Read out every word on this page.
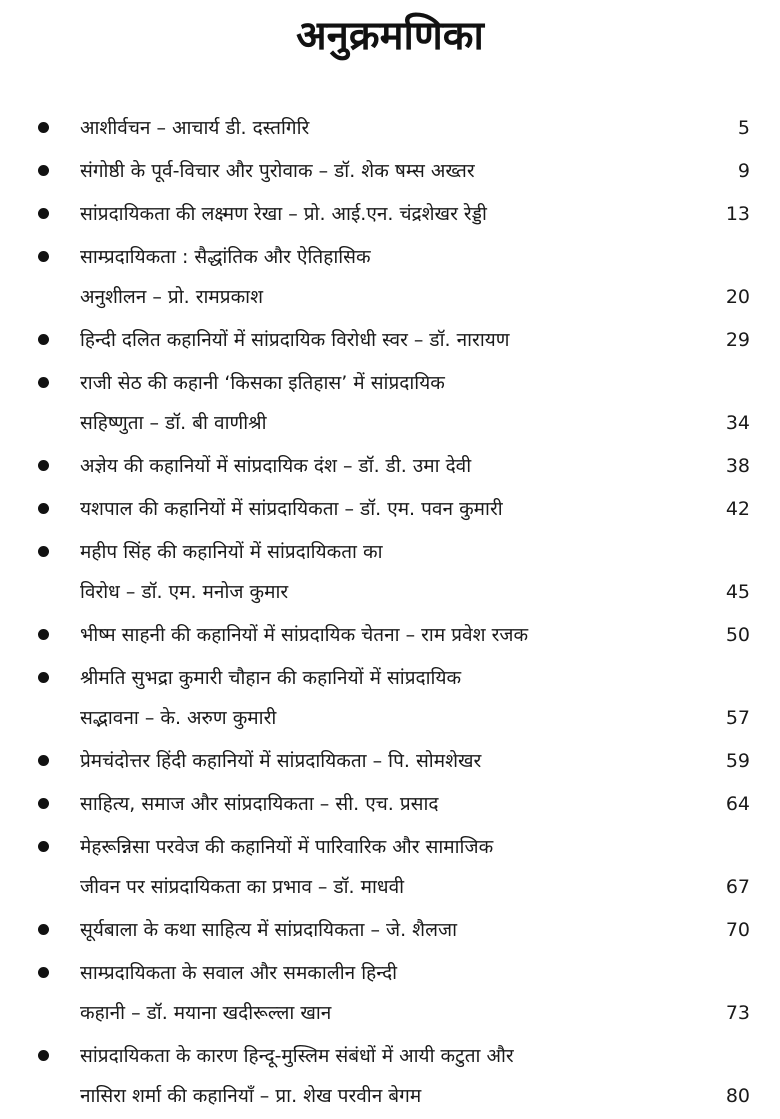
अनुक्रमणिका
आशीर्वचन – आचार्य डी. दस्तगिरि	5
संगोष्ठी के पूर्व-विचार और पुरोवाक – डॉ. शेक षम्स अख्तर	9
सांप्रदायिकता की लक्ष्मण रेखा – प्रो. आई.एन. चंद्रशेखर रेड्डी	13
साम्प्रदायिकता : सैद्धांतिक और ऐतिहासिक
अनुशीलन – प्रो. रामप्रकाश	20
हिन्दी दलित कहानियों में सांप्रदायिक विरोधी स्वर – डॉ. नारायण	29
राजी सेठ की कहानी ‘किसका इतिहास’ में सांप्रदायिक
सहिष्णुता – डॉ. बी वाणीश्री	34
अज्ञेय की कहानियों में सांप्रदायिक दंश – डॉ. डी. उमा देवी	38
यशपाल की कहानियों में सांप्रदायिकता – डॉ. एम. पवन कुमारी	42
महीप सिंह की कहानियों में सांप्रदायिकता का
विरोध – डॉ. एम. मनोज कुमार	45
भीष्म साहनी की कहानियों में सांप्रदायिक चेतना – राम प्रवेश रजक	50
श्रीमति सुभद्रा कुमारी चौहान की कहानियों में सांप्रदायिक
सद्भावना – के. अरुण कुमारी	57
प्रेमचंदोत्तर हिंदी कहानियों में सांप्रदायिकता – पि. सोमशेखर	59
साहित्य, समाज और सांप्रदायिकता – सी. एच. प्रसाद	64
मेहरून्निसा परवेज की कहानियों में पारिवारिक और सामाजिक
जीवन पर सांप्रदायिकता का प्रभाव – डॉ. माधवी	67
सूर्यबाला के कथा साहित्य में सांप्रदायिकता – जे. शैलजा	70
साम्प्रदायिकता के सवाल और समकालीन हिन्दी
कहानी – डॉ. मयाना खदीरूल्ला खान	73
सांप्रदायिकता के कारण हिन्दू-मुस्लिम संबंधों में आयी कटुता और
नासिरा शर्मा की कहानियाँ – प्रा. शेख परवीन बेगम	80
